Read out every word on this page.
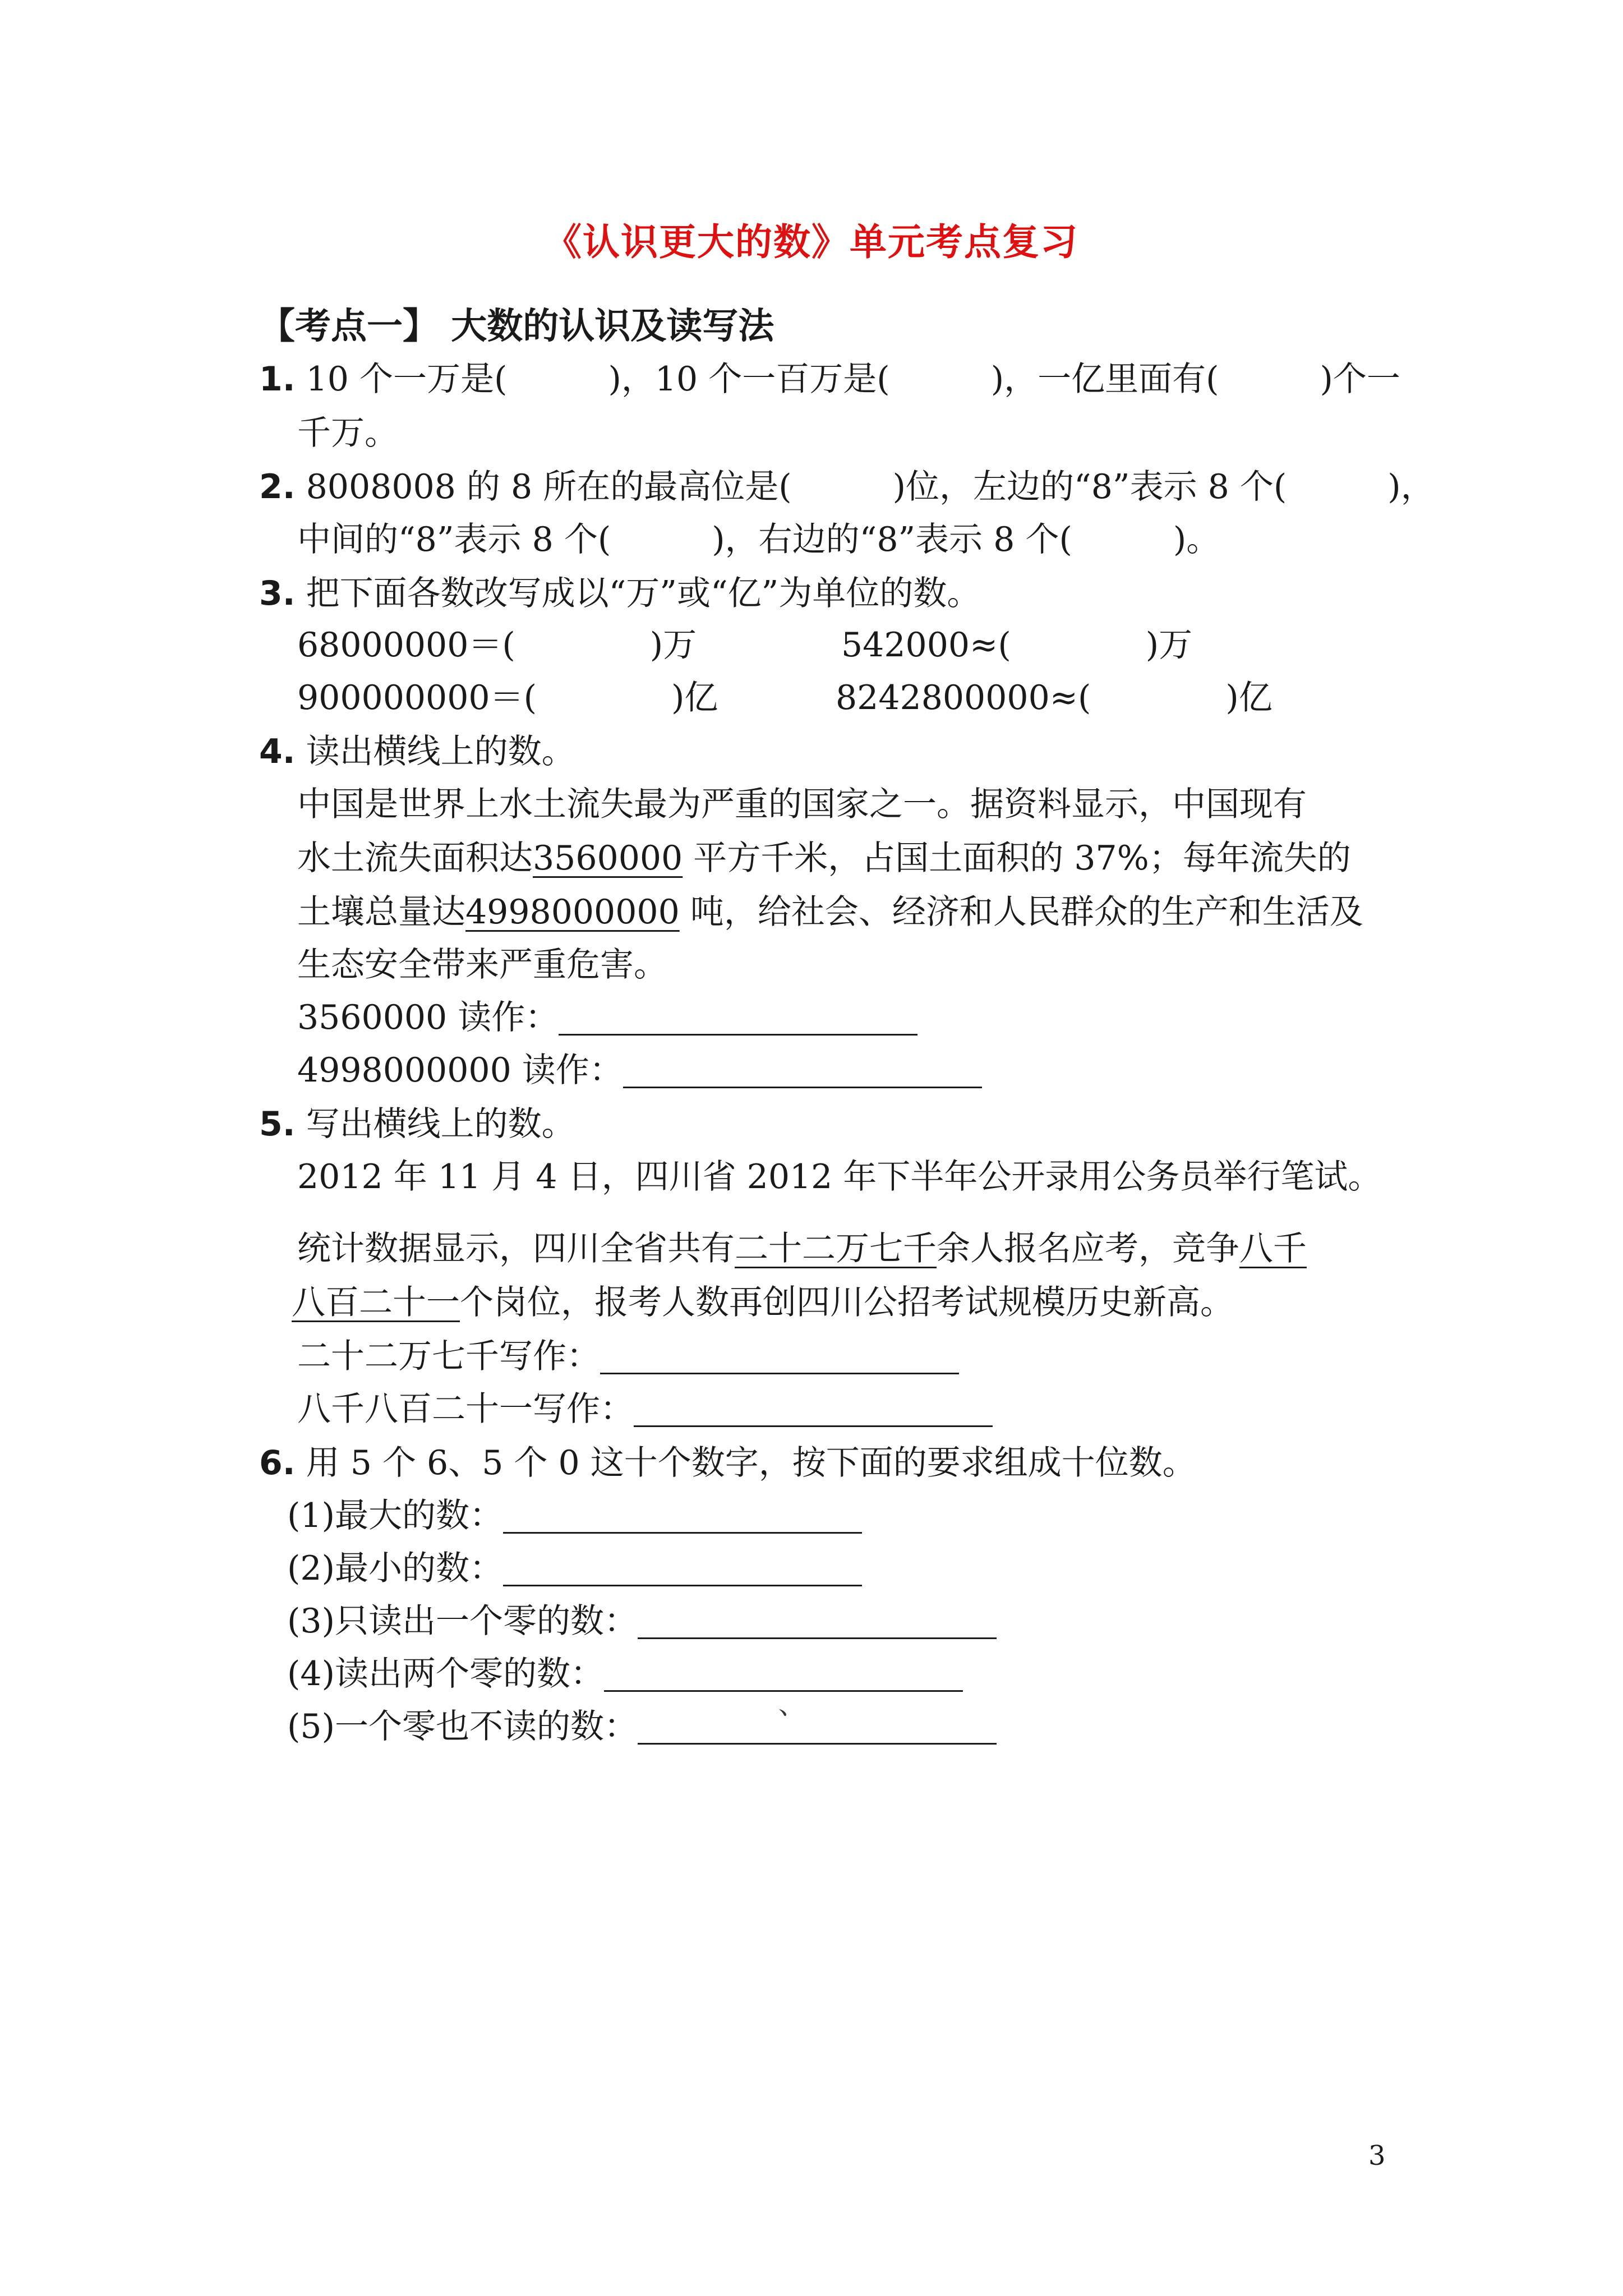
《认识更大的数》单元考点复习
【考点一】 大数的认识及读写法
1. 10 个一万是(　　　)，10 个一百万是(　　　)，一亿里面有(　　　)个一
千万。
2. 8008008 的 8 所在的最高位是(　　　)位，左边的“8”表示 8 个(　　　)，
中间的“8”表示 8 个(　　　)，右边的“8”表示 8 个(　　　)。
3. 把下面各数改写成以“万”或“亿”为单位的数。
68000000＝(　　　　)万	542000≈(　　　　)万
900000000＝(　　　　)亿	8242800000≈(　　　　)亿
4. 读出横线上的数。
中国是世界上水土流失最为严重的国家之一。据资料显示，中国现有
水土流失面积达3560000 平方千米，占国土面积的 37%；每年流失的
土壤总量达4998000000 吨，给社会、经济和人民群众的生产和生活及
生态安全带来严重危害。
3560000 读作：
4998000000 读作：
5. 写出横线上的数。
2012 年 11 月 4 日，四川省 2012 年下半年公开录用公务员举行笔试。
统计数据显示，四川全省共有二十二万七千余人报名应考，竞争八千
八百二十一个岗位，报考人数再创四川公招考试规模历史新高。
二十二万七千写作：
八千八百二十一写作：
6. 用 5 个 6、5 个 0 这十个数字，按下面的要求组成十位数。
(1)最大的数：
(2)最小的数：
(3)只读出一个零的数：
(4)读出两个零的数：
(5)一个零也不读的数：
、
3
